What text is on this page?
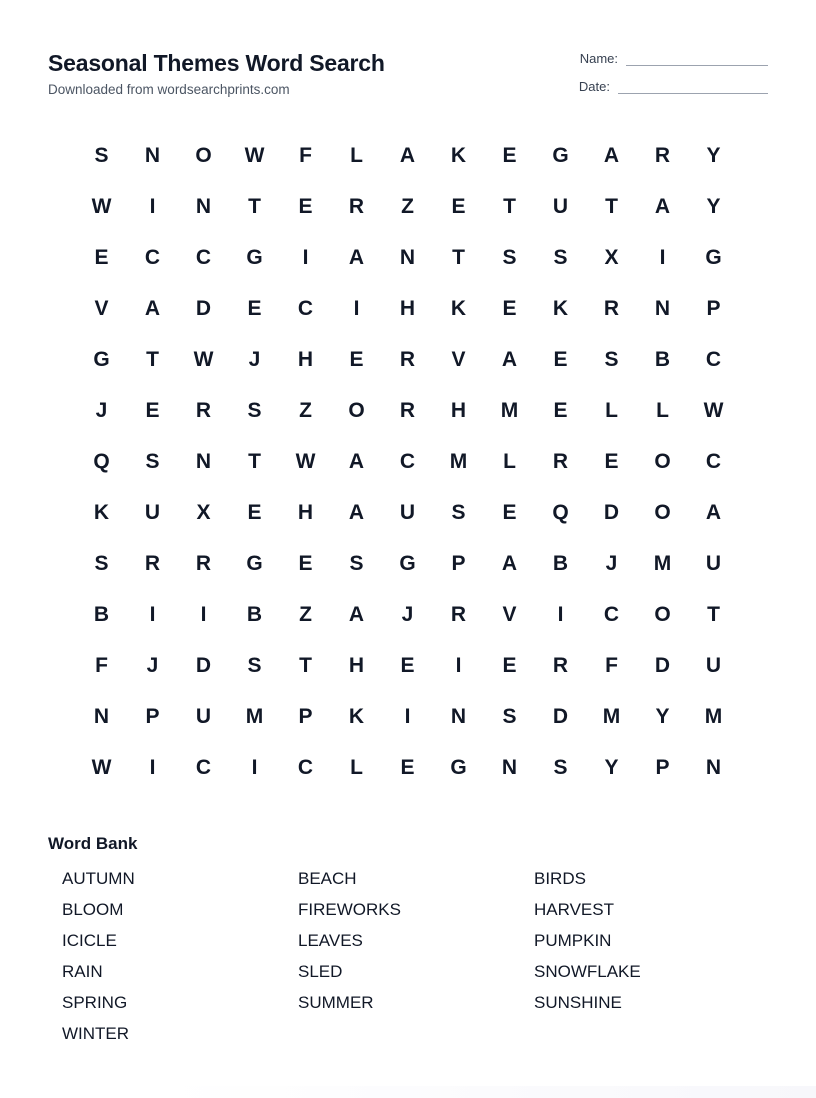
Seasonal Themes Word Search
Downloaded from wordsearchprints.com
Name:
Date:
S	N	O	W	F	L	A	K	E	G	A	R	Y
W	I	N	T	E	R	Z	E	T	U	T	A	Y
E	C	C	G	I	A	N	T	S	S	X	I	G
V	A	D	E	C	I	H	K	E	K	R	N	P
G	T	W	J	H	E	R	V	A	E	S	B	C
J	E	R	S	Z	O	R	H	M	E	L	L	W
Q	S	N	T	W	A	C	M	L	R	E	O	C
K	U	X	E	H	A	U	S	E	Q	D	O	A
S	R	R	G	E	S	G	P	A	B	J	M	U
B	I	I	B	Z	A	J	R	V	I	C	O	T
F	J	D	S	T	H	E	I	E	R	F	D	U
N	P	U	M	P	K	I	N	S	D	M	Y	M
W	I	C	I	C	L	E	G	N	S	Y	P	N
Word Bank
AUTUMN	BEACH	BIRDS
BLOOM	FIREWORKS	HARVEST
ICICLE	LEAVES	PUMPKIN
RAIN	SLED	SNOWFLAKE
SPRING	SUMMER	SUNSHINE
WINTER
